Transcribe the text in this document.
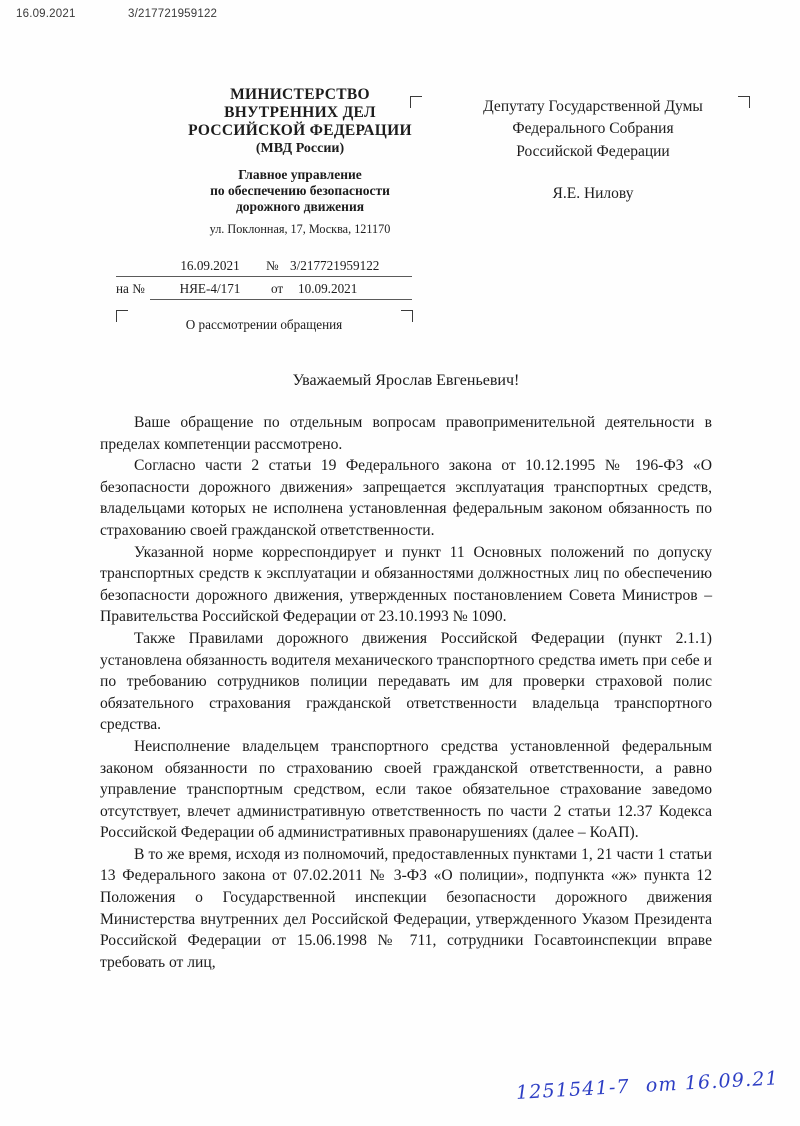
16.09.2021	3/217721959122
МИНИСТЕРСТВО
ВНУТРЕННИХ ДЕЛ
РОССИЙСКОЙ ФЕДЕРАЦИИ
(МВД России)
Главное управление
по обеспечению безопасности
дорожного движения
ул. Поклонная, 17, Москва, 121170
Депутату Государственной Думы
Федерального Собрания
Российской Федерации
Я.Е. Нилову
16.09.2021	№ 3/217721959122
на №	НЯЕ-4/171	от 10.09.2021
О рассмотрении обращения
Уважаемый Ярослав Евгеньевич!

Ваше обращение по отдельным вопросам правоприменительной деятельности в пределах компетенции рассмотрено.

Согласно части 2 статьи 19 Федерального закона от 10.12.1995 № 196-ФЗ «О безопасности дорожного движения» запрещается эксплуатация транспортных средств, владельцами которых не исполнена установленная федеральным законом обязанность по страхованию своей гражданской ответственности.

Указанной норме корреспондирует и пункт 11 Основных положений по допуску транспортных средств к эксплуатации и обязанностями должностных лиц по обеспечению безопасности дорожного движения, утвержденных постановлением Совета Министров – Правительства Российской Федерации от 23.10.1993 № 1090.

Также Правилами дорожного движения Российской Федерации (пункт 2.1.1) установлена обязанность водителя механического транспортного средства иметь при себе и по требованию сотрудников полиции передавать им для проверки страховой полис обязательного страхования гражданской ответственности владельца транспортного средства.

Неисполнение владельцем транспортного средства установленной федеральным законом обязанности по страхованию своей гражданской ответственности, а равно управление транспортным средством, если такое обязательное страхование заведомо отсутствует, влечет административную ответственность по части 2 статьи 12.37 Кодекса Российской Федерации об административных правонарушениях (далее – КоАП).

В то же время, исходя из полномочий, предоставленных пунктами 1, 21 части 1 статьи 13 Федерального закона от 07.02.2011 № 3-ФЗ «О полиции», подпункта «ж» пункта 12 Положения о Государственной инспекции безопасности дорожного движения Министерства внутренних дел Российской Федерации, утвержденного Указом Президента Российской Федерации от 15.06.1998 № 711, сотрудники Госавтоинспекции вправе требовать от лиц,

1251541-7 от 16.09.21
